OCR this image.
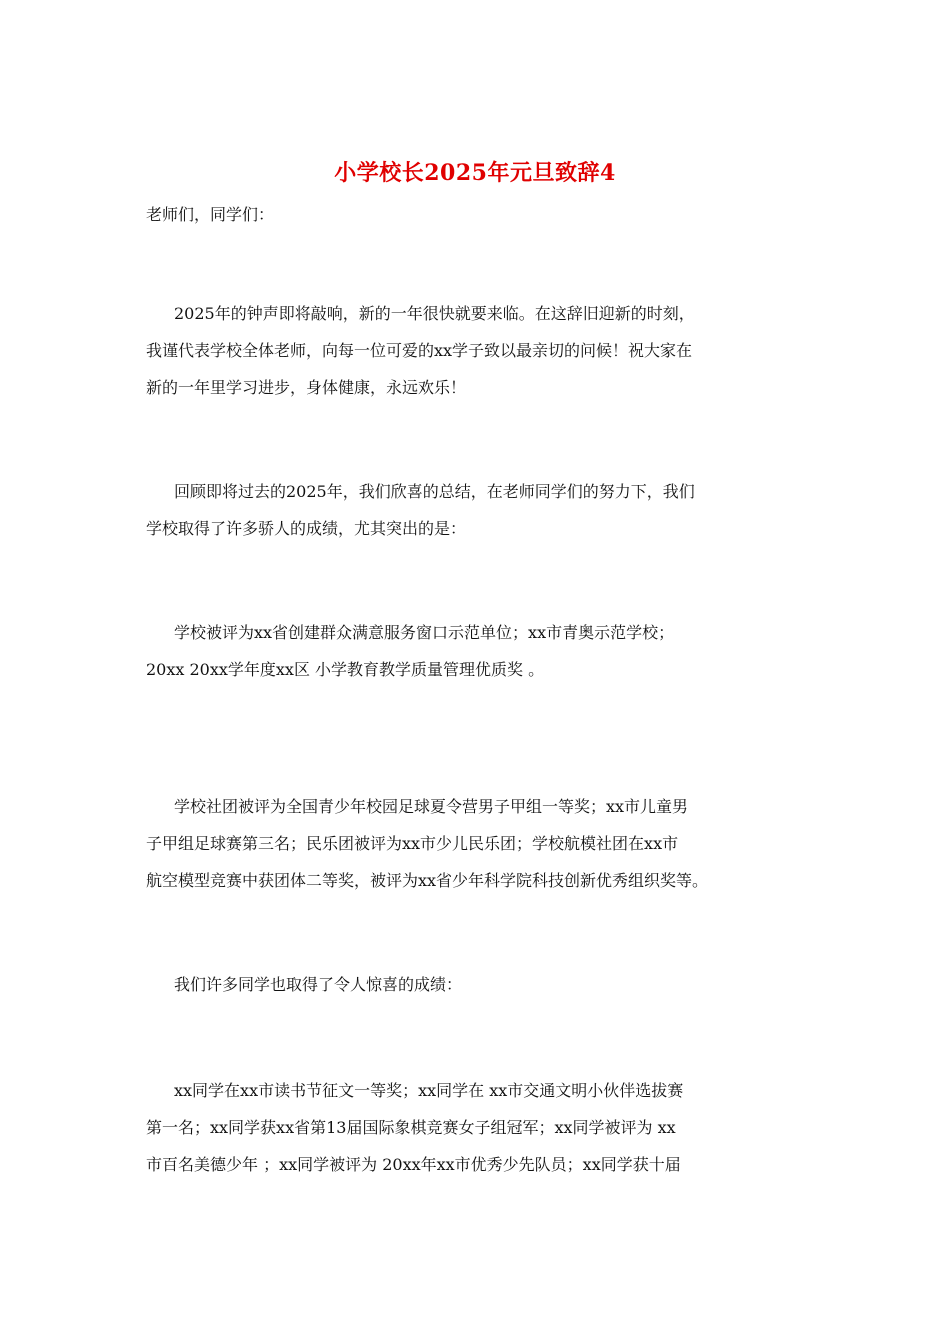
小学校长2025年元旦致辞4
老师们，同学们：
2025年的钟声即将敲响，新的一年很快就要来临。在这辞旧迎新的时刻，
我谨代表学校全体老师，向每一位可爱的xx学子致以最亲切的问候！祝大家在
新的一年里学习进步，身体健康，永远欢乐！
回顾即将过去的2025年，我们欣喜的总结，在老师同学们的努力下，我们
学校取得了许多骄人的成绩，尤其突出的是：
学校被评为xx省创建群众满意服务窗口示范单位；xx市青奥示范学校；
20xx 20xx学年度xx区 小学教育教学质量管理优质奖 。
学校社团被评为全国青少年校园足球夏令营男子甲组一等奖；xx市儿童男
子甲组足球赛第三名；民乐团被评为xx市少儿民乐团；学校航模社团在xx市
航空模型竞赛中获团体二等奖，被评为xx省少年科学院科技创新优秀组织奖等。
我们许多同学也取得了令人惊喜的成绩：
xx同学在xx市读书节征文一等奖；xx同学在 xx市交通文明小伙伴选拔赛
第一名；xx同学获xx省第13届国际象棋竞赛女子组冠军；xx同学被评为 xx
市百名美德少年 ；xx同学被评为 20xx年xx市优秀少先队员；xx同学获十届
